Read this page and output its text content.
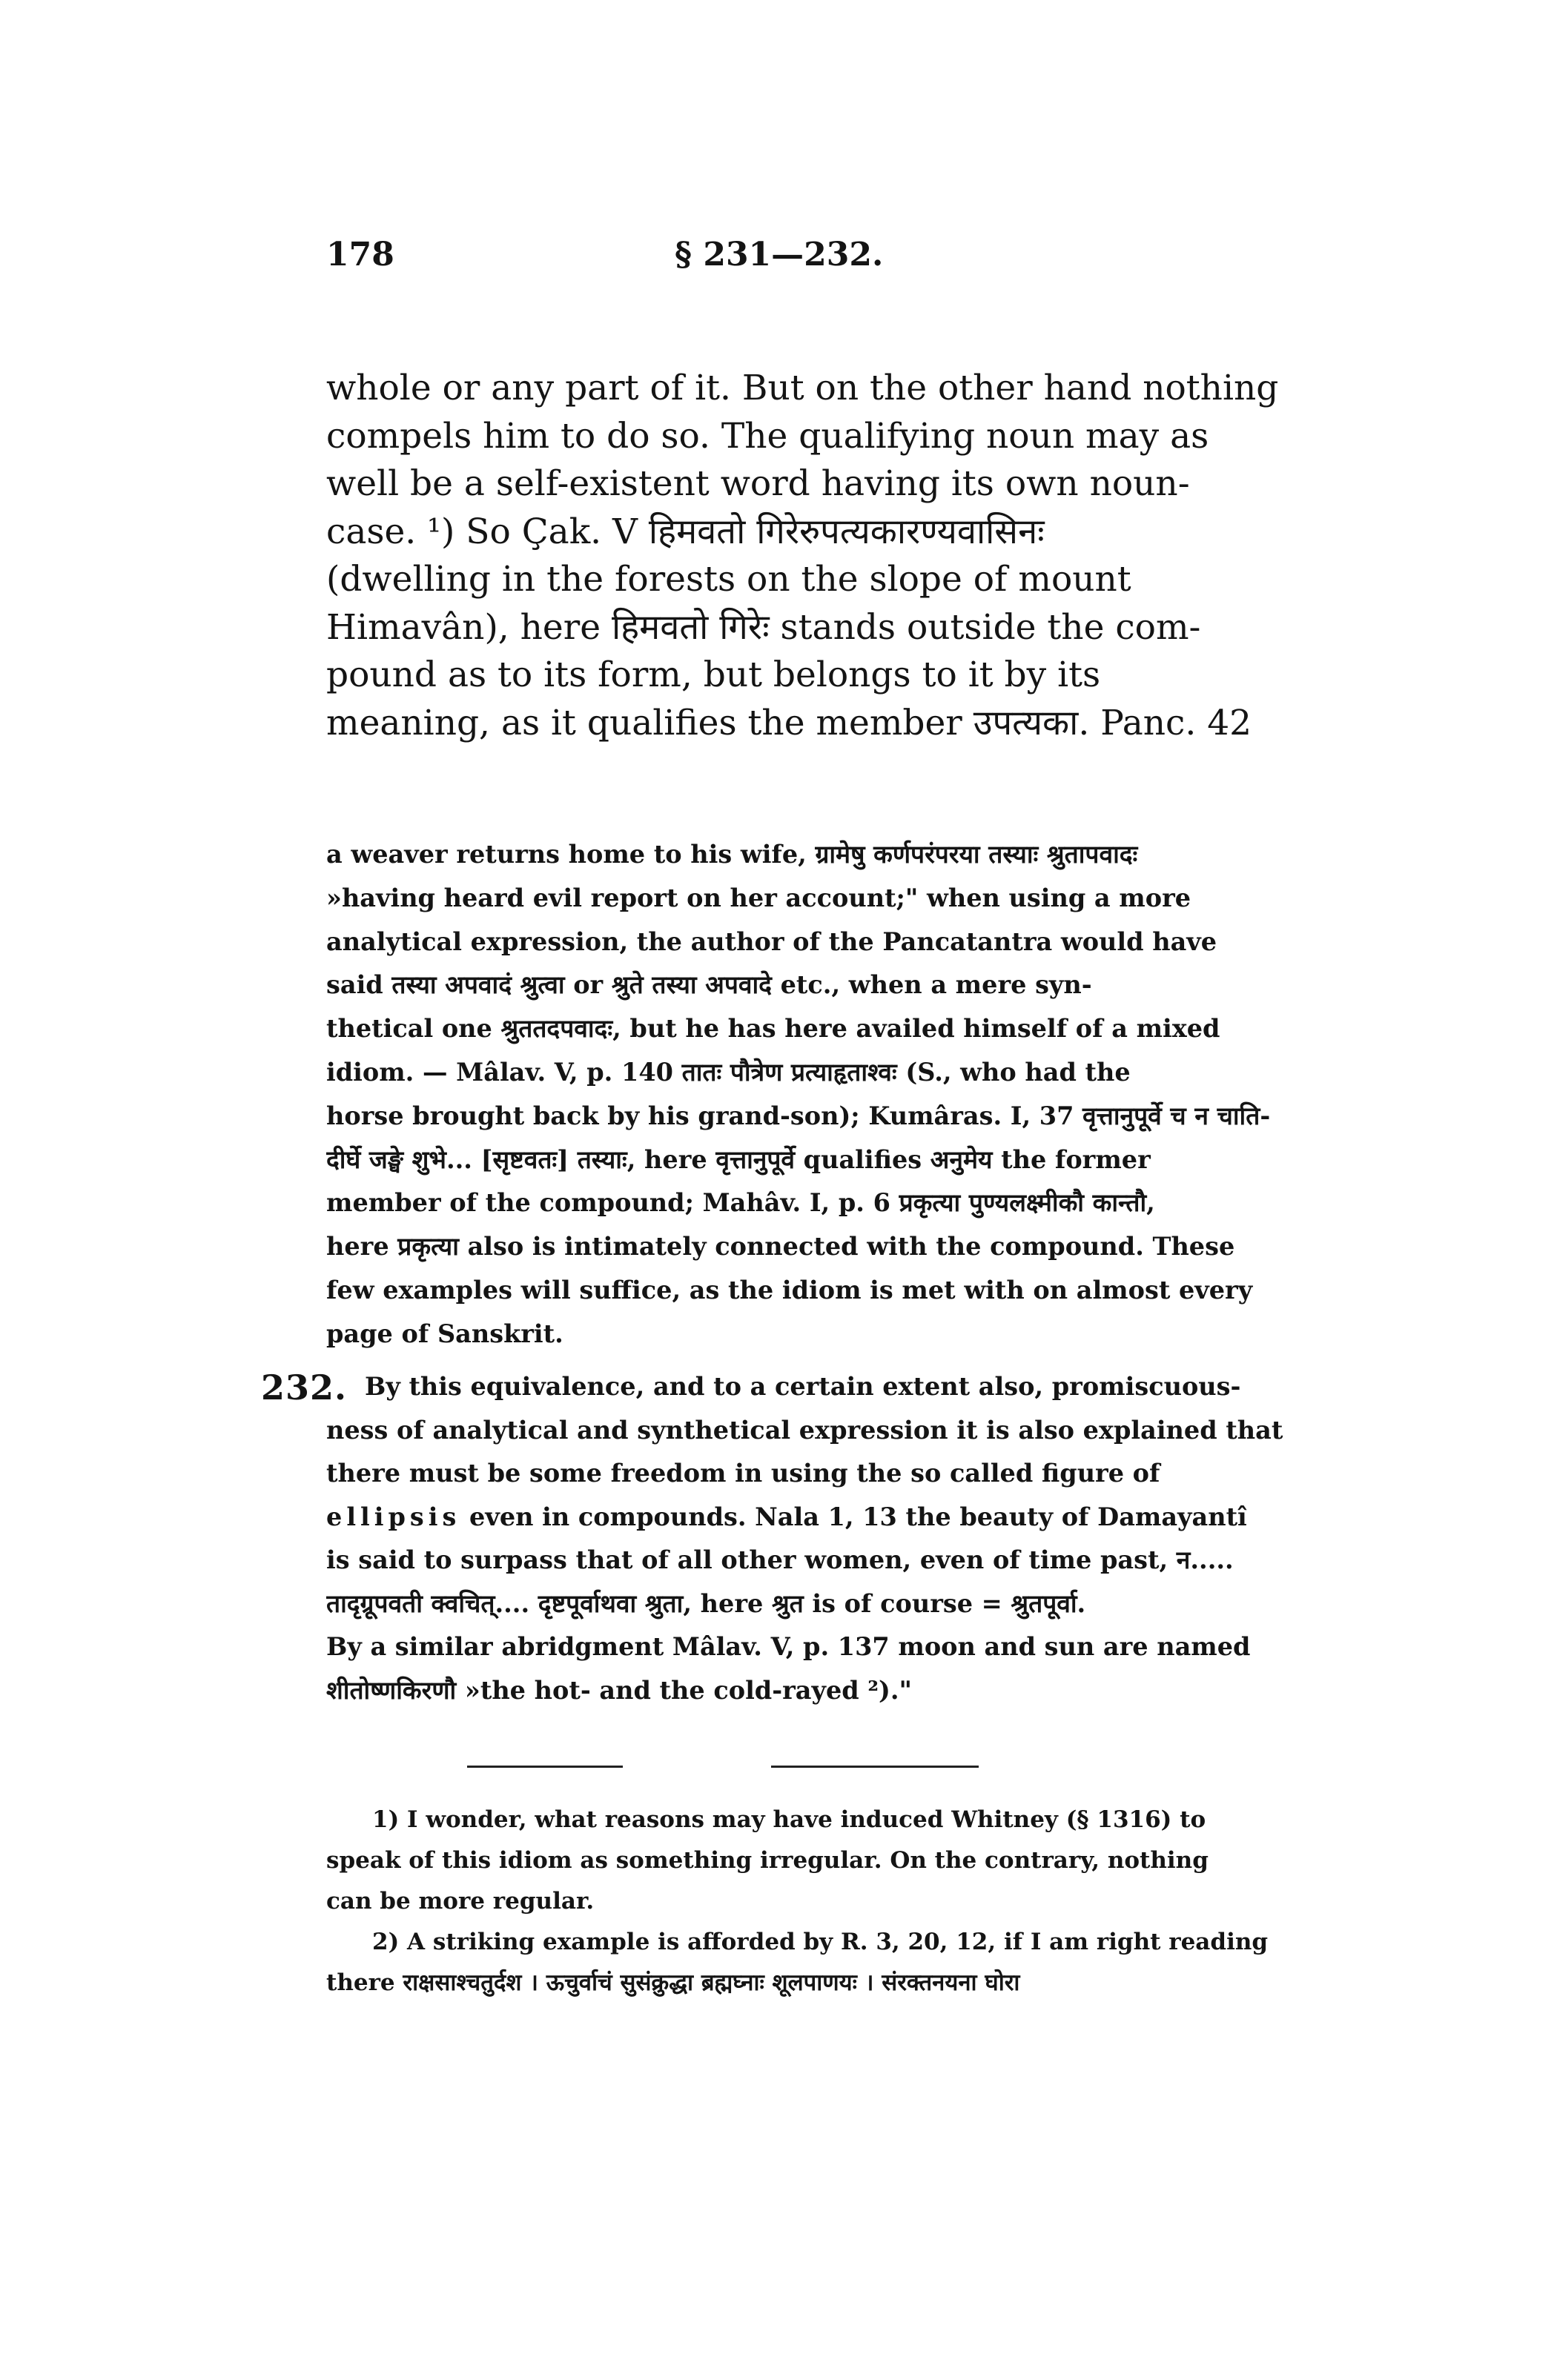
178	§ 231—232.
whole or any part of it. But on the other hand nothing
compels him to do so. The qualifying noun may as
well be a self-existent word having its own noun-
case. ¹) So Çak. V हिमवतो गिरेरुपत्यकारण्यवासिनः
(dwelling in the forests on the slope of mount
Himavân), here हिमवतो गिरेः stands outside the com-
pound as to its form, but belongs to it by its
meaning, as it qualifies the member उपत्यका. Panc. 42
a weaver returns home to his wife, ग्रामेषु कर्णपरंपरया तस्याः श्रुतापवादः
»having heard evil report on her account;" when using a more
analytical expression, the author of the Pancatantra would have
said तस्या अपवादं श्रुत्वा or श्रुते तस्या अपवादे etc., when a mere syn-
thetical one श्रुततदपवादः, but he has here availed himself of a mixed
idiom. — Mâlav. V, p. 140 तातः पौत्रेण प्रत्याहृताश्वः (S., who had the
horse brought back by his grand-son); Kumâras. I, 37 वृत्तानुपूर्वे च न चाति-
दीर्घे जङ्घे शुभे... [सृष्टवतः] तस्याः, here वृत्तानुपूर्वे qualifies अनुमेय the former
member of the compound; Mahâv. I, p. 6 प्रकृत्या पुण्यलक्ष्मीकौ कान्तौ,
here प्रकृत्या also is intimately connected with the compound. These
few examples will suffice, as the idiom is met with on almost every
page of Sanskrit.
232. By this equivalence, and to a certain extent also, promiscuous-
ness of analytical and synthetical expression it is also explained that
there must be some freedom in using the so called figure of
ellipsis even in compounds. Nala 1, 13 the beauty of Damayantî
is said to surpass that of all other women, even of time past, न.....
तादृग्रूपवती क्वचित्.... दृष्टपूर्वाथवा श्रुता, here श्रुत is of course = श्रुतपूर्वा.
By a similar abridgment Mâlav. V, p. 137 moon and sun are named
शीतोष्णकिरणौ »the hot- and the cold-rayed ²)."
1) I wonder, what reasons may have induced Whitney (§ 1316) to
speak of this idiom as something irregular. On the contrary, nothing
can be more regular.
2) A striking example is afforded by R. 3, 20, 12, if I am right reading
there राक्षसाश्चतुर्दश । ऊचुर्वाचं सुसंक्रुद्धा ब्रह्मघ्नाः शूलपाणयः । संरक्तनयना घोरा
